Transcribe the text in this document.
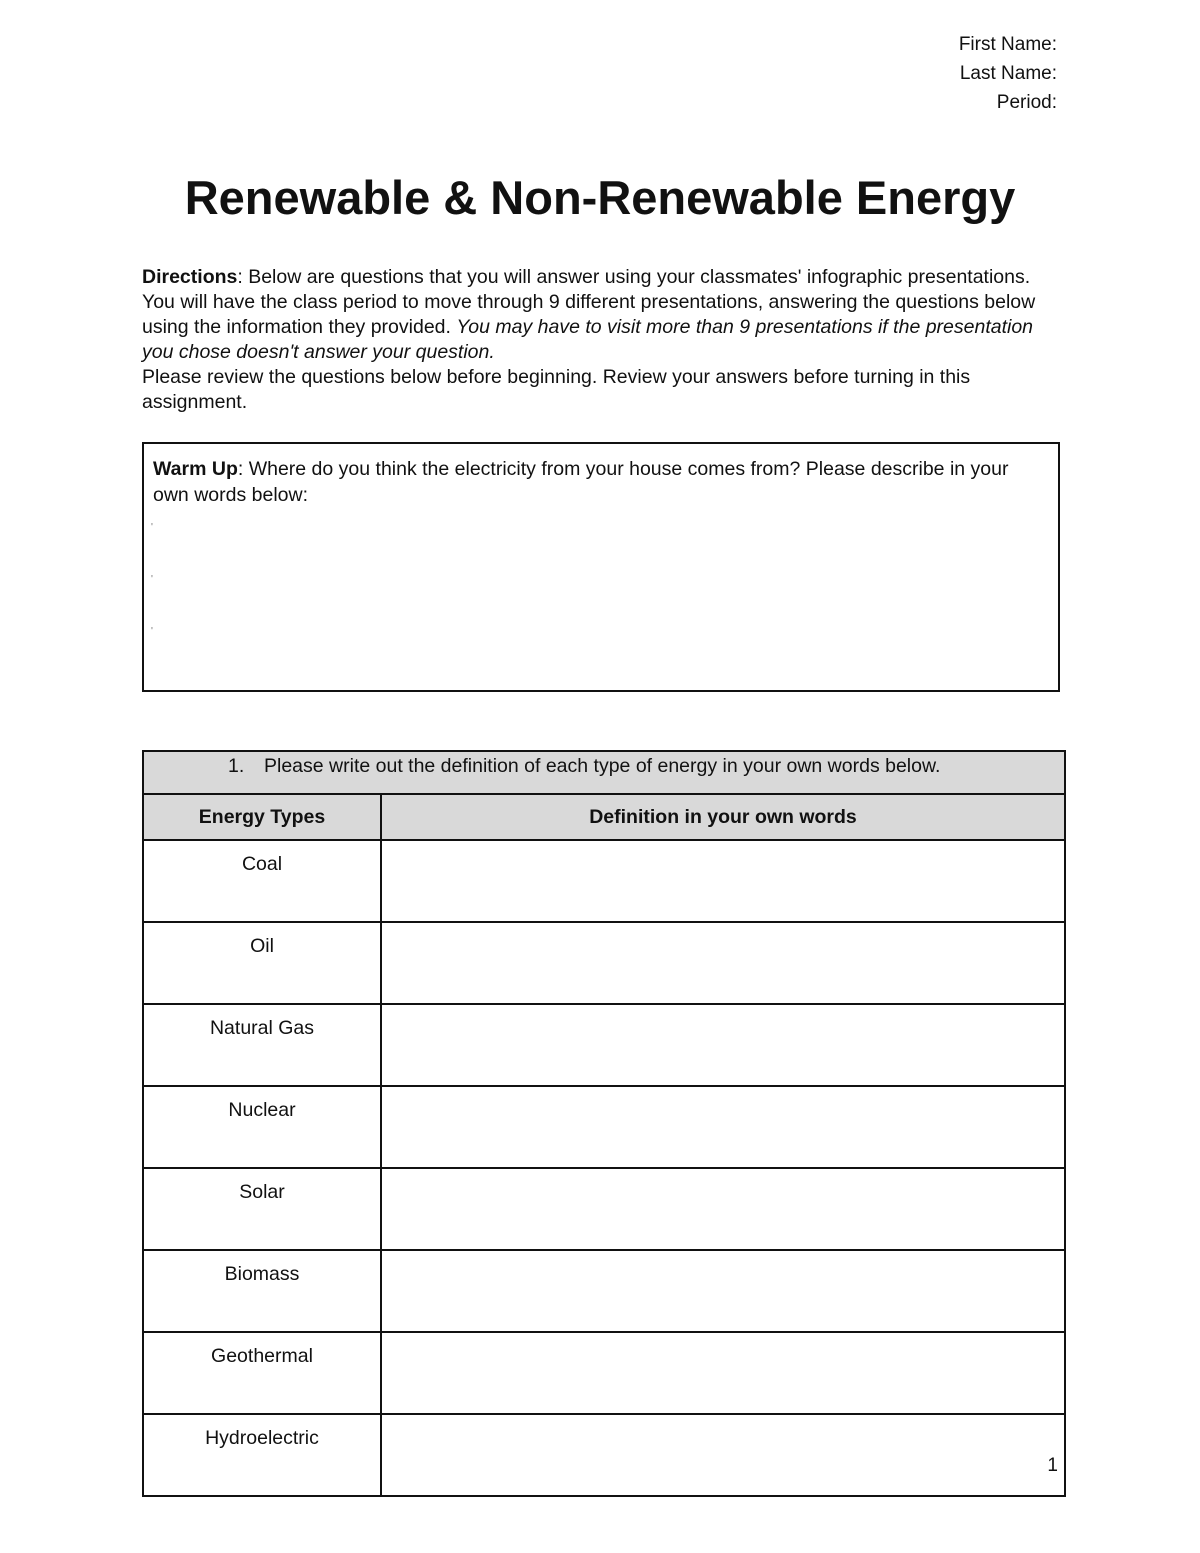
First Name:
Last Name:
Period:
Renewable & Non-Renewable Energy

Directions: Below are questions that you will answer using your classmates' infographic presentations. You will have the class period to move through 9 different presentations, answering the questions below using the information they provided. You may have to visit more than 9 presentations if the presentation you chose doesn't answer your question.
Please review the questions below before beginning. Review your answers before turning in this assignment.

Warm Up: Where do you think the electricity from your house comes from? Please describe in your own words below:

'
'
'
1. Please write out the definition of each type of energy in your own words below.	
Energy Types	Definition in your own words
Coal	
Oil	
Natural Gas	
Nuclear	
Solar	
Biomass	
Geothermal	
Hydroelectric	
1
